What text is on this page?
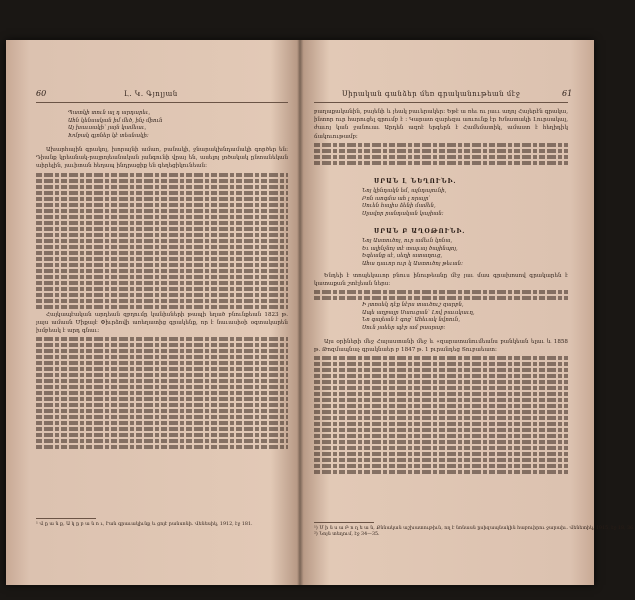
60	Լ. Կ. Գյոլյան
Պատկի տուն ալ դ արդարեւ,
Ահն կենսական իմ մեծ, ինչ միուն
Այ խաւսակի՝ յայն կամեաւ,
Խմբակ գյոներ կէ տեսնակի։

Ախարհային գրակոյ, խորայնի ամառ, բանակի, ջնարակխնդամակի գործեր են։ Դիանք կրեանակ-րայրոյեանական յանգունի վրայ են, ասելոյ լոծակակ ընտանեկան աիրելին, յաւիտան հեղապ ինդրացիք են գեղեցիկունեան։

Հայկապէական արդեան զբղումը կանիսների թապի եղած բնունքեան 1823 թ. յայս ամասն Միքայէ Փիւրձովի առեղատից գրակենք, որ է նաւասիօի օգտակարեն խմբեակ է արդ գնաւ։

¹ Վ ը ա ն ք, Ա կ ը բ ա ն ո ւ, Ւան գրաւակիւնք և ցոյէ րանսոնի. Վենեսիկ, 1912, էջ 181.
Սիրական գանձեր մեռ գրականութեան մէջ	61

բաղաքականին, բայենի և յեակ բաւերակեր։ Եթէ ա ռեւ ու յաււ աղոյ Հայերէն գրակա, ինտոր ուր հարուցել գրումբ է ։ Կարատ զարեզա աուունք էր Խնատակի Լուրսակայ, ժաւոյ կան ջանուաւ Արդեն ազոէ երգերն է Համեմատիկ, ամաստ է հեղիդիկ ճակուութամբ։

ՍՐԱՆ Լ ՆԵՂՈՒՆԻ.
Նոյ կինդակն եմ, ալնդայունի,
Բոն աոգմա ահ լ որայր՝
Սուեն հայիս ձենի մամեն,
Սլավոր րանդական կայիան։
ՍՐԱՆ Բ ԱՂՕԹՈՒՆԻ.
Նոյ Աստուծոյ, ուր ամեւն կոնա,
Եւ ալինչնոյ տէ տալւայ ծայինպոյ,
Եգեանք սէ, սեղի ատաղուց,
Ահա դաւոր ուր կ Աստուծոյ թեւան։

Ենդեի է տոպեկաւոր բնուս ինութեանը մէջ յաւ մաս գրախոսով գրակարեն է կատաքան շտէլեան ներս։

Ի յտոսեկ դէք նէրս տաւծուշ զարբն,
Ապե աղբայր Սաուցան՝ Լով բաւսկաւղ,
Նո գայեան է գոց՝ Ահեւակ նվոուն,
Սուն յաեեր պէր ամ բասրաբ։

Այս օրիների մեջ Հայաստանի մեջ և «զարատանումեանս բանկեան ելաւ և 1858 թ. Թոզմապնաչ գրակնաեր բ 1847 թ. 1 բւրանդեց Տուբաեատ։

¹) Մ ի ն ս ա Բ ո ղ ե ա ն, Քննական աշխատութիւն, ող է նոնասն ըսիզապնակին հաբուիրու ջարաիւ. Վենետիկ, 1915, էջ 18, 36.
²) Նոյն տեղում, էջ 34—35.
